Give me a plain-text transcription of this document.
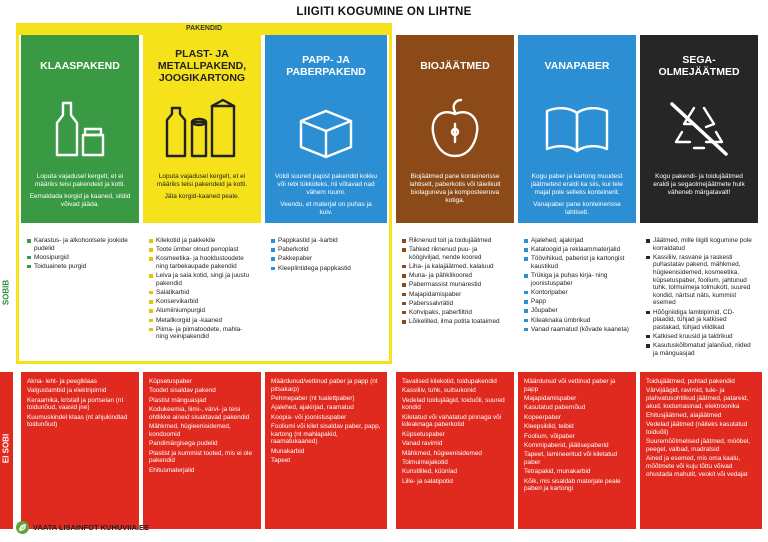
LIIGITI KOGUMINE ON LIHTNE
PAKENDID
KLAASPAKEND
Loputa vajadusel kergelt, et ei määriks teisi pakendeid ja kotti.
Eemaldada korgid ja kaaned, sildid võivad jääda.
PLAST- JA METALLPAKEND, JOOGIKARTONG
Loputa vajadusel kergelt, et ei määriks teisi pakendeid ja kotti.
Jäta korgid-kaaned peale.
PAPP- JA PABERPAKEND
Voldi suured papist pakendid kokku või rebi tükkideks, nii võtavad nad vähem ruumi.
Veendu, et materjal on puhas ja kuiv.
BIOJÄÄTMED
Biojäätmed pane konteinerisse lahtiselt, paberkotis või täielikult biolaguneva ja komposteeruva kotiga.
VANAPABER
Kogu paber ja kartong muudest jäätmetest eraldi ka siis, kui teie majal pole selleks konteinerit.
Vanapaber pane konteinerisse lahtiselt.
SEGA-OLMEJÄÄTMED
Kogu pakendi- ja toidujäätmed eraldi ja segaolmejäätmete hulk väheneb märgatavalt!
SOBIB
EI SOBI
Karastus- ja alkohoolsete jookide pudelid
Moosipurgid
Toiduainete purgid
Kilekotid ja pakkekile
Toote ümber olnud penoplast
Kosmeetika- ja hooldustoodete ning tarbekaupade pakendid
Leiva ja saia kotid, singi ja juustu pakendid
Salatikarbid
Konservikarbid
Alumiiniumpurgid
Metallkorgid ja -kaaned
Piima- ja piimatoodete, mahla- ning veinipakendid
Pappkastid ja -karbid
Paberkotid
Pakkepaber
Kleeplintidega pappkastid
Riknenud toit ja toidujäätmed
Tahked riknenud puu- ja köögiviljad, nende koored
Liha- ja kalajäätmed, kalaluud
Muna- ja pähklikoored
Pabermassist munarestid
Majapidamispaber
Paberssalvrätid
Kohvipaks, paberfiltrid
Lõikelilled, ilma potita toataimed
Ajalehed, ajakirjad
Kataloogid ja reklaammaterjalid
Töövihikud, paberist ja kartongist kaustikud
Trükiga ja puhas kirja- ning joonistuspaber
Kontoripaber
Papp
Jõupaber
Kileaknaka ümbrikud
Vanad raamatud (kõvade kaaneta)
Jäätmed, mille liigiti kogumine pole korraldatud
Kassiliiv, rasvane ja raskesti puhastatav pakend, mähkmed, hügieenisidemed, kosmeetika, küpsetuspaber, foolium, jahtunud tuhk, tolmuimeja tolmukott, suured kondid, närtsut näts, kummist esemed
Hõõgniidiga lambipirnid, CD-plaadid, tühjad ja katkised pastakad, tühjad viildikad
Katkised kruusid ja taldrikud
Kasutuskõlbmatud jalanõud, riided ja mänguasjad
Akna- leht- ja peeglklaas
Valgustambid ja elektripirnid
Keraamika, kristall ja portselan (nt toidunõud, vaasid jne)
Kuumuskindel klaas (nt ahjukindlad toidunõud)
Küpsetuspaber
Toodet sisaldav pakend
Plastist mänguasjad
Kodukeemia, liimi-, värvi- ja teisi ohtlikke aineid sisaldavad pakendid
Mähkmed, hügieenisidemed, kondoomid
Pandimärgisega pudelid
Plastist ja kummist tooted, mis ei ole pakendid
Ehitusmaterjalid
Määrdunud/vettinud paber ja papp (nt pitsakarp)
Pehmepaber (nt tualettpaber)
Ajalehed, ajakirjad, raamatud
Koopia- või joonistuspaber
Fooliumi või kilet sisaldav paber, papp, kartong (nt mahlapakid, raamatukaaned)
Munakarbid
Tapeet
Tavalised kilekotid, toidupakendid
Kassiliiv, tuhk, suitsukonid
Vedelad toidujäägid, toiduõli, suured kondid
Kiletatud või vahatatud pinnaga või kileaknaga paberkotid
Küpsetuspaber
Vanad ravimid
Mähkmed, hügieenisidemed
Tolmuimejakotid
Kunstlilled, küünlad
Lille- ja salatipotid
Määrdunud või vettinud paber ja papp
Majapidamispaber
Kasutatud pabernõud
Kopeerpaber
Kleepsildid, teibid
Foolium, võipaber
Kommipaberid, jäätisepaberid
Tapeet, lamineeritud või kiletatud paber
Tetrapakid, munakarbid
Kõik, mis sisaldab materjale peale paberi ja kartongi
Toidujäätmed, puhtad pakendid
Värvijäägid, ravimid, tule- ja plahvatusohtlikud jäätmed, patareid, akud, kodumasinad, elektroonika
Ehitusjäätmed, aiajäätmed
Vedelad jäätmed (näiteks kasutatud toiduõli)
Suuremõõtmelised jäätmed, mööbel, peegel, valbad, madratsid
Ained ja esemed, mis oma kaalu, mõõtmete või kuju tõttu võivad ohustada mahutit, veokit või vedajat
VAATA LISAINFOT KUHUVIIA.EE
